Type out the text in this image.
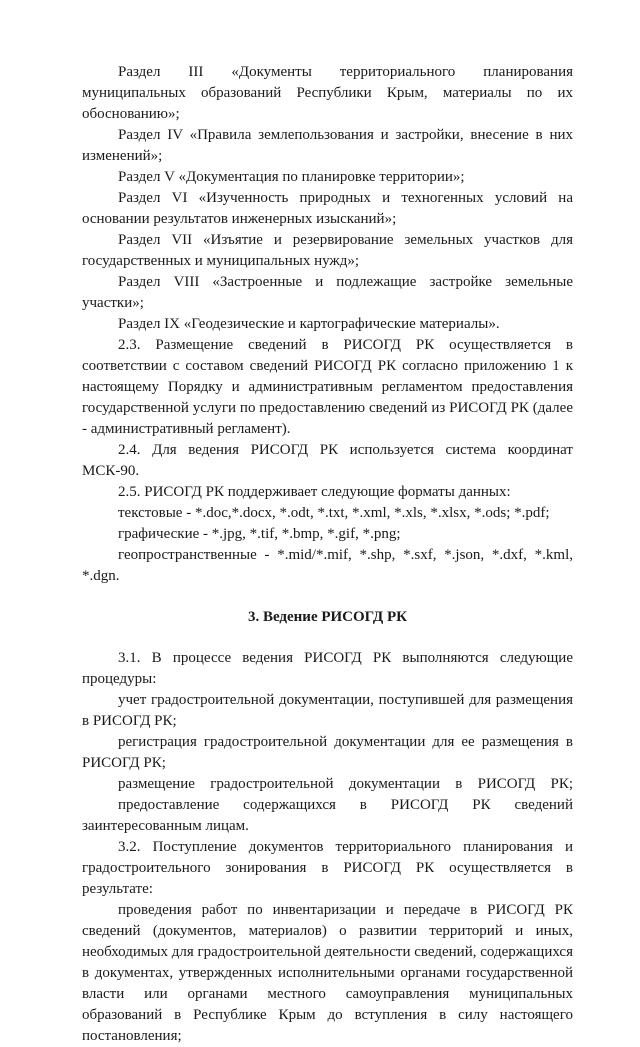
Раздел III «Документы территориального планирования муниципальных образований Республики Крым, материалы по их обоснованию»;
Раздел IV «Правила землепользования и застройки, внесение в них изменений»;
Раздел V «Документация по планировке территории»;
Раздел VI «Изученность природных и техногенных условий на основании результатов инженерных изысканий»;
Раздел VII «Изъятие и резервирование земельных участков для государственных и муниципальных нужд»;
Раздел VIII «Застроенные и подлежащие застройке земельные участки»;
Раздел IX «Геодезические и картографические материалы».
2.3. Размещение сведений в РИСОГД РК осуществляется в соответствии с составом сведений РИСОГД РК согласно приложению 1 к настоящему Порядку и административным регламентом предоставления государственной услуги по предоставлению сведений из РИСОГД РК (далее - административный регламент).
2.4. Для ведения РИСОГД РК используется система координат МСК-90.
2.5. РИСОГД РК поддерживает следующие форматы данных:
текстовые - *.doc,*.docx, *.odt, *.txt, *.xml, *.xls, *.xlsx, *.ods; *.pdf;
графические - *.jpg, *.tif, *.bmp, *.gif, *.png;
геопространственные - *.mid/*.mif, *.shp, *.sxf, *.json, *.dxf, *.kml, *.dgn.
3. Ведение РИСОГД РК
3.1. В процессе ведения РИСОГД РК выполняются следующие процедуры:
учет градостроительной документации, поступившей для размещения в РИСОГД РК;
регистрация градостроительной документации для ее размещения в РИСОГД РК;
размещение градостроительной документации в РИСОГД РК;
предоставление содержащихся в РИСОГД РК сведений заинтересованным лицам.
3.2. Поступление документов территориального планирования и градостроительного зонирования в РИСОГД РК осуществляется в результате:
проведения работ по инвентаризации и передаче в РИСОГД РК сведений (документов, материалов) о развитии территорий и иных, необходимых для градостроительной деятельности сведений, содержащихся в документах, утвержденных исполнительными органами государственной власти или органами местного самоуправления муниципальных образований в Республике Крым до вступления в силу настоящего постановления;
